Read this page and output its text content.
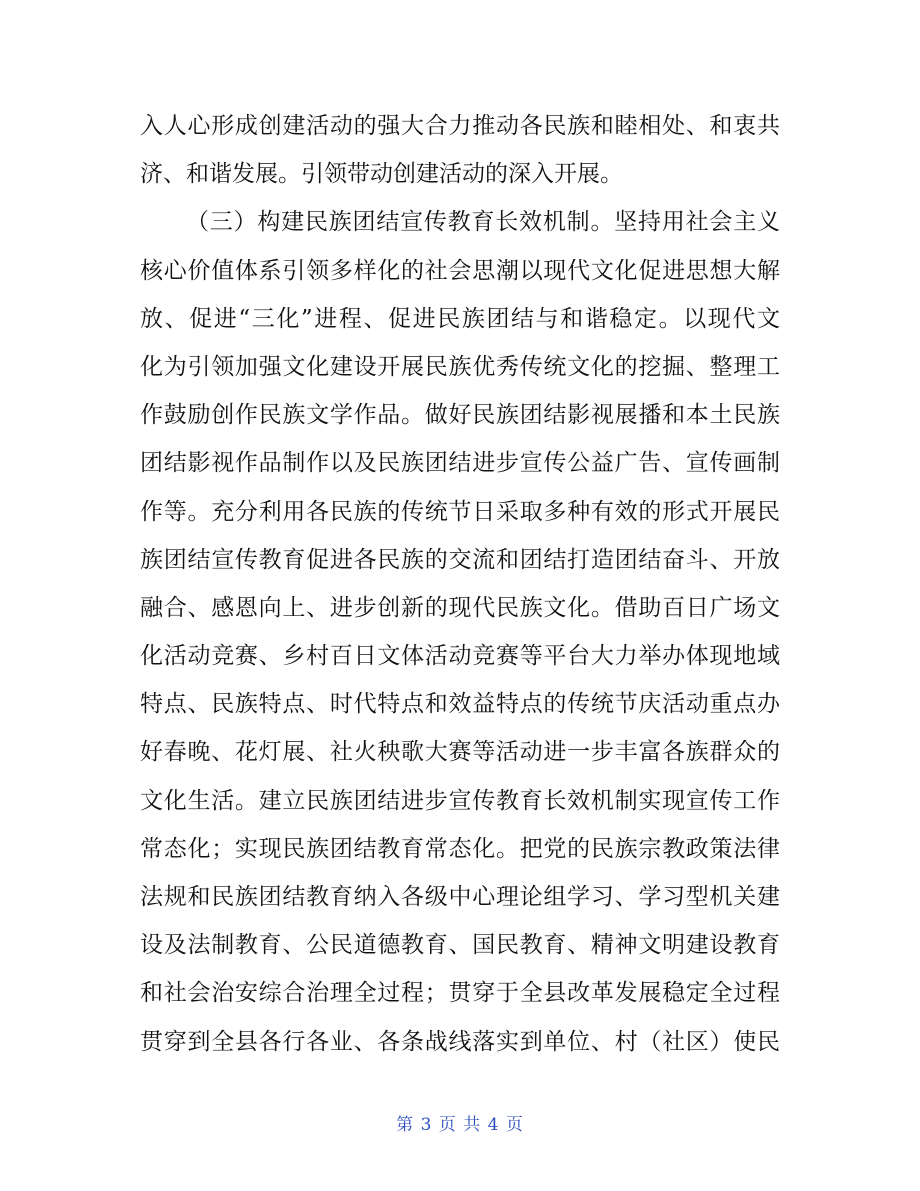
入人心形成创建活动的强大合力推动各民族和睦相处、和衷共
济、和谐发展。引领带动创建活动的深入开展。
（三）构建民族团结宣传教育长效机制。坚持用社会主义
核心价值体系引领多样化的社会思潮以现代文化促进思想大解
放、促进“三化”进程、促进民族团结与和谐稳定。以现代文
化为引领加强文化建设开展民族优秀传统文化的挖掘、整理工
作鼓励创作民族文学作品。做好民族团结影视展播和本土民族
团结影视作品制作以及民族团结进步宣传公益广告、宣传画制
作等。充分利用各民族的传统节日采取多种有效的形式开展民
族团结宣传教育促进各民族的交流和团结打造团结奋斗、开放
融合、感恩向上、进步创新的现代民族文化。借助百日广场文
化活动竞赛、乡村百日文体活动竞赛等平台大力举办体现地域
特点、民族特点、时代特点和效益特点的传统节庆活动重点办
好春晚、花灯展、社火秧歌大赛等活动进一步丰富各族群众的
文化生活。建立民族团结进步宣传教育长效机制实现宣传工作
常态化；实现民族团结教育常态化。把党的民族宗教政策法律
法规和民族团结教育纳入各级中心理论组学习、学习型机关建
设及法制教育、公民道德教育、国民教育、精神文明建设教育
和社会治安综合治理全过程；贯穿于全县改革发展稳定全过程
贯穿到全县各行各业、各条战线落实到单位、村（社区）使民
第 3 页 共 4 页
